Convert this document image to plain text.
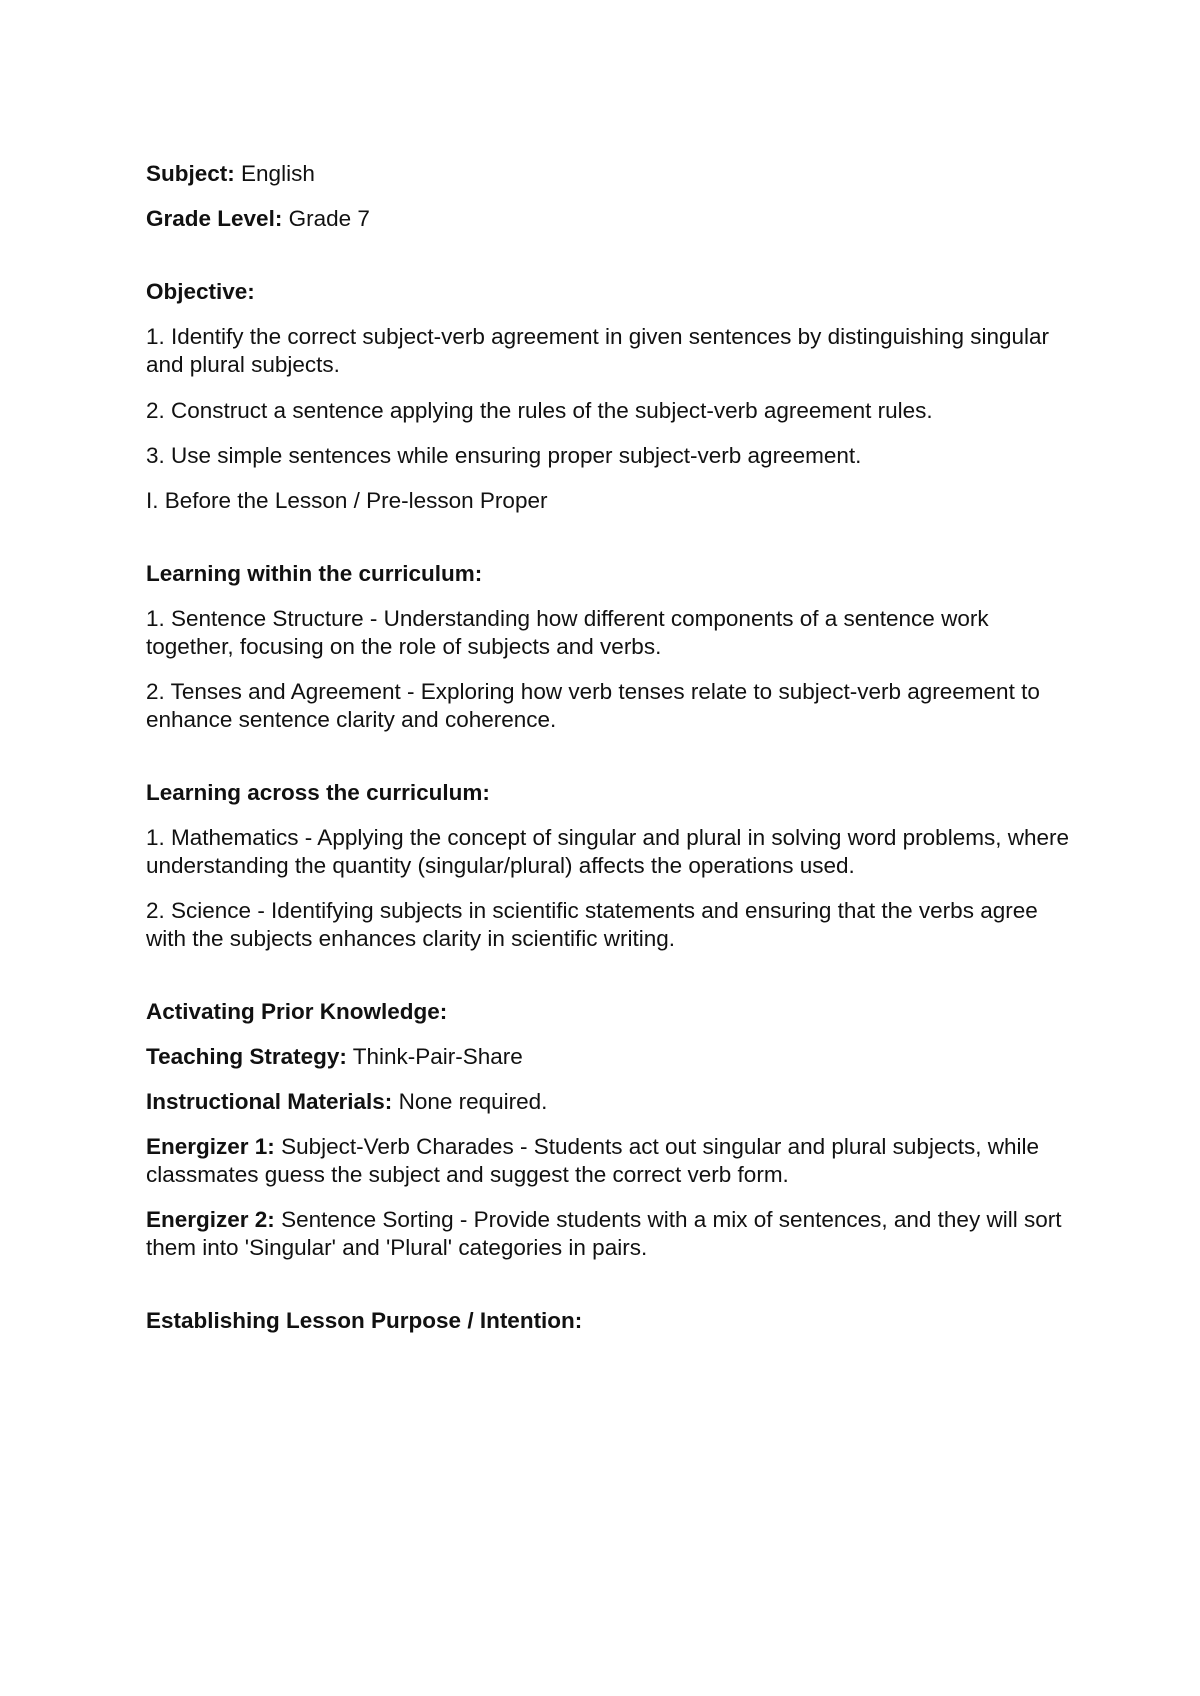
Subject: English

Grade Level: Grade 7

Objective:

1. Identify the correct subject-verb agreement in given sentences by distinguishing singular and plural subjects.

2. Construct a sentence applying the rules of the subject-verb agreement rules.

3. Use simple sentences while ensuring proper subject-verb agreement.

I. Before the Lesson / Pre-lesson Proper

Learning within the curriculum:

1. Sentence Structure - Understanding how different components of a sentence work together, focusing on the role of subjects and verbs.

2. Tenses and Agreement - Exploring how verb tenses relate to subject-verb agreement to enhance sentence clarity and coherence.

Learning across the curriculum:

1. Mathematics - Applying the concept of singular and plural in solving word problems, where understanding the quantity (singular/plural) affects the operations used.

2. Science - Identifying subjects in scientific statements and ensuring that the verbs agree with the subjects enhances clarity in scientific writing.

Activating Prior Knowledge:

Teaching Strategy: Think-Pair-Share

Instructional Materials: None required.

Energizer 1: Subject-Verb Charades - Students act out singular and plural subjects, while classmates guess the subject and suggest the correct verb form.

Energizer 2: Sentence Sorting - Provide students with a mix of sentences, and they will sort them into 'Singular' and 'Plural' categories in pairs.

Establishing Lesson Purpose / Intention:
